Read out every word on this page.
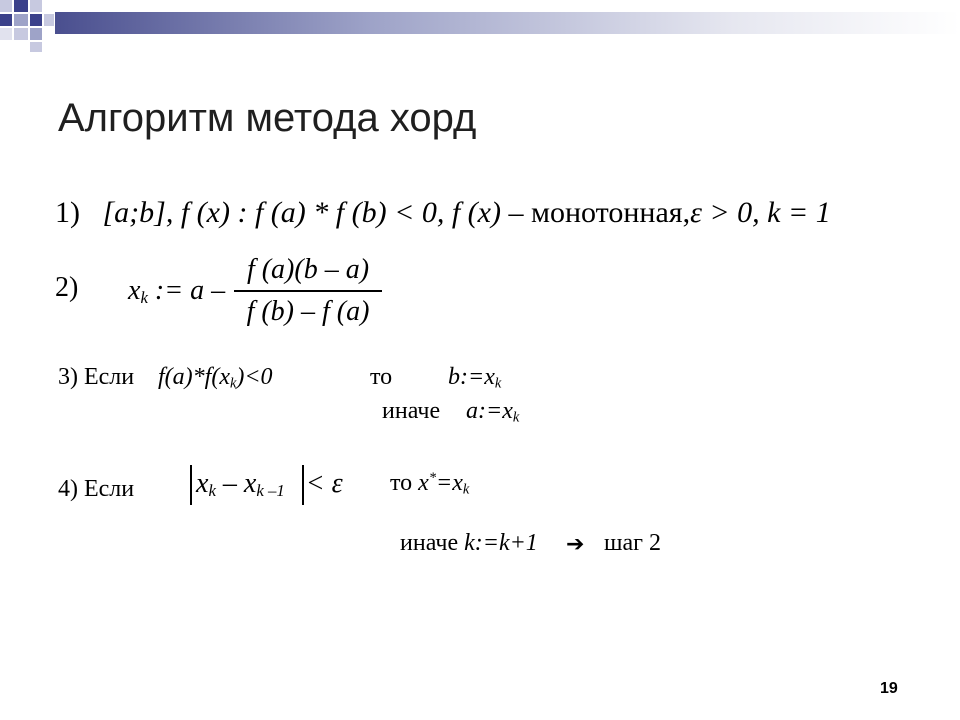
Алгоритм метода хорд
1) [a;b], f (x) : f (a) * f (b) < 0, f (x) – монотонная,ε > 0, k = 1
2) $x_k$ := a –
f (a)(b – a)
f (b) – f (a)
3) Если $f(a)*f(x_k)<0$	то $b:=x_k$
иначе $a:=x_k$
4) Если $x_k - x_{k -1} < \varepsilon$ то $x^*=x_k$
иначе k:=k+1 ➔ шаг 2
19
